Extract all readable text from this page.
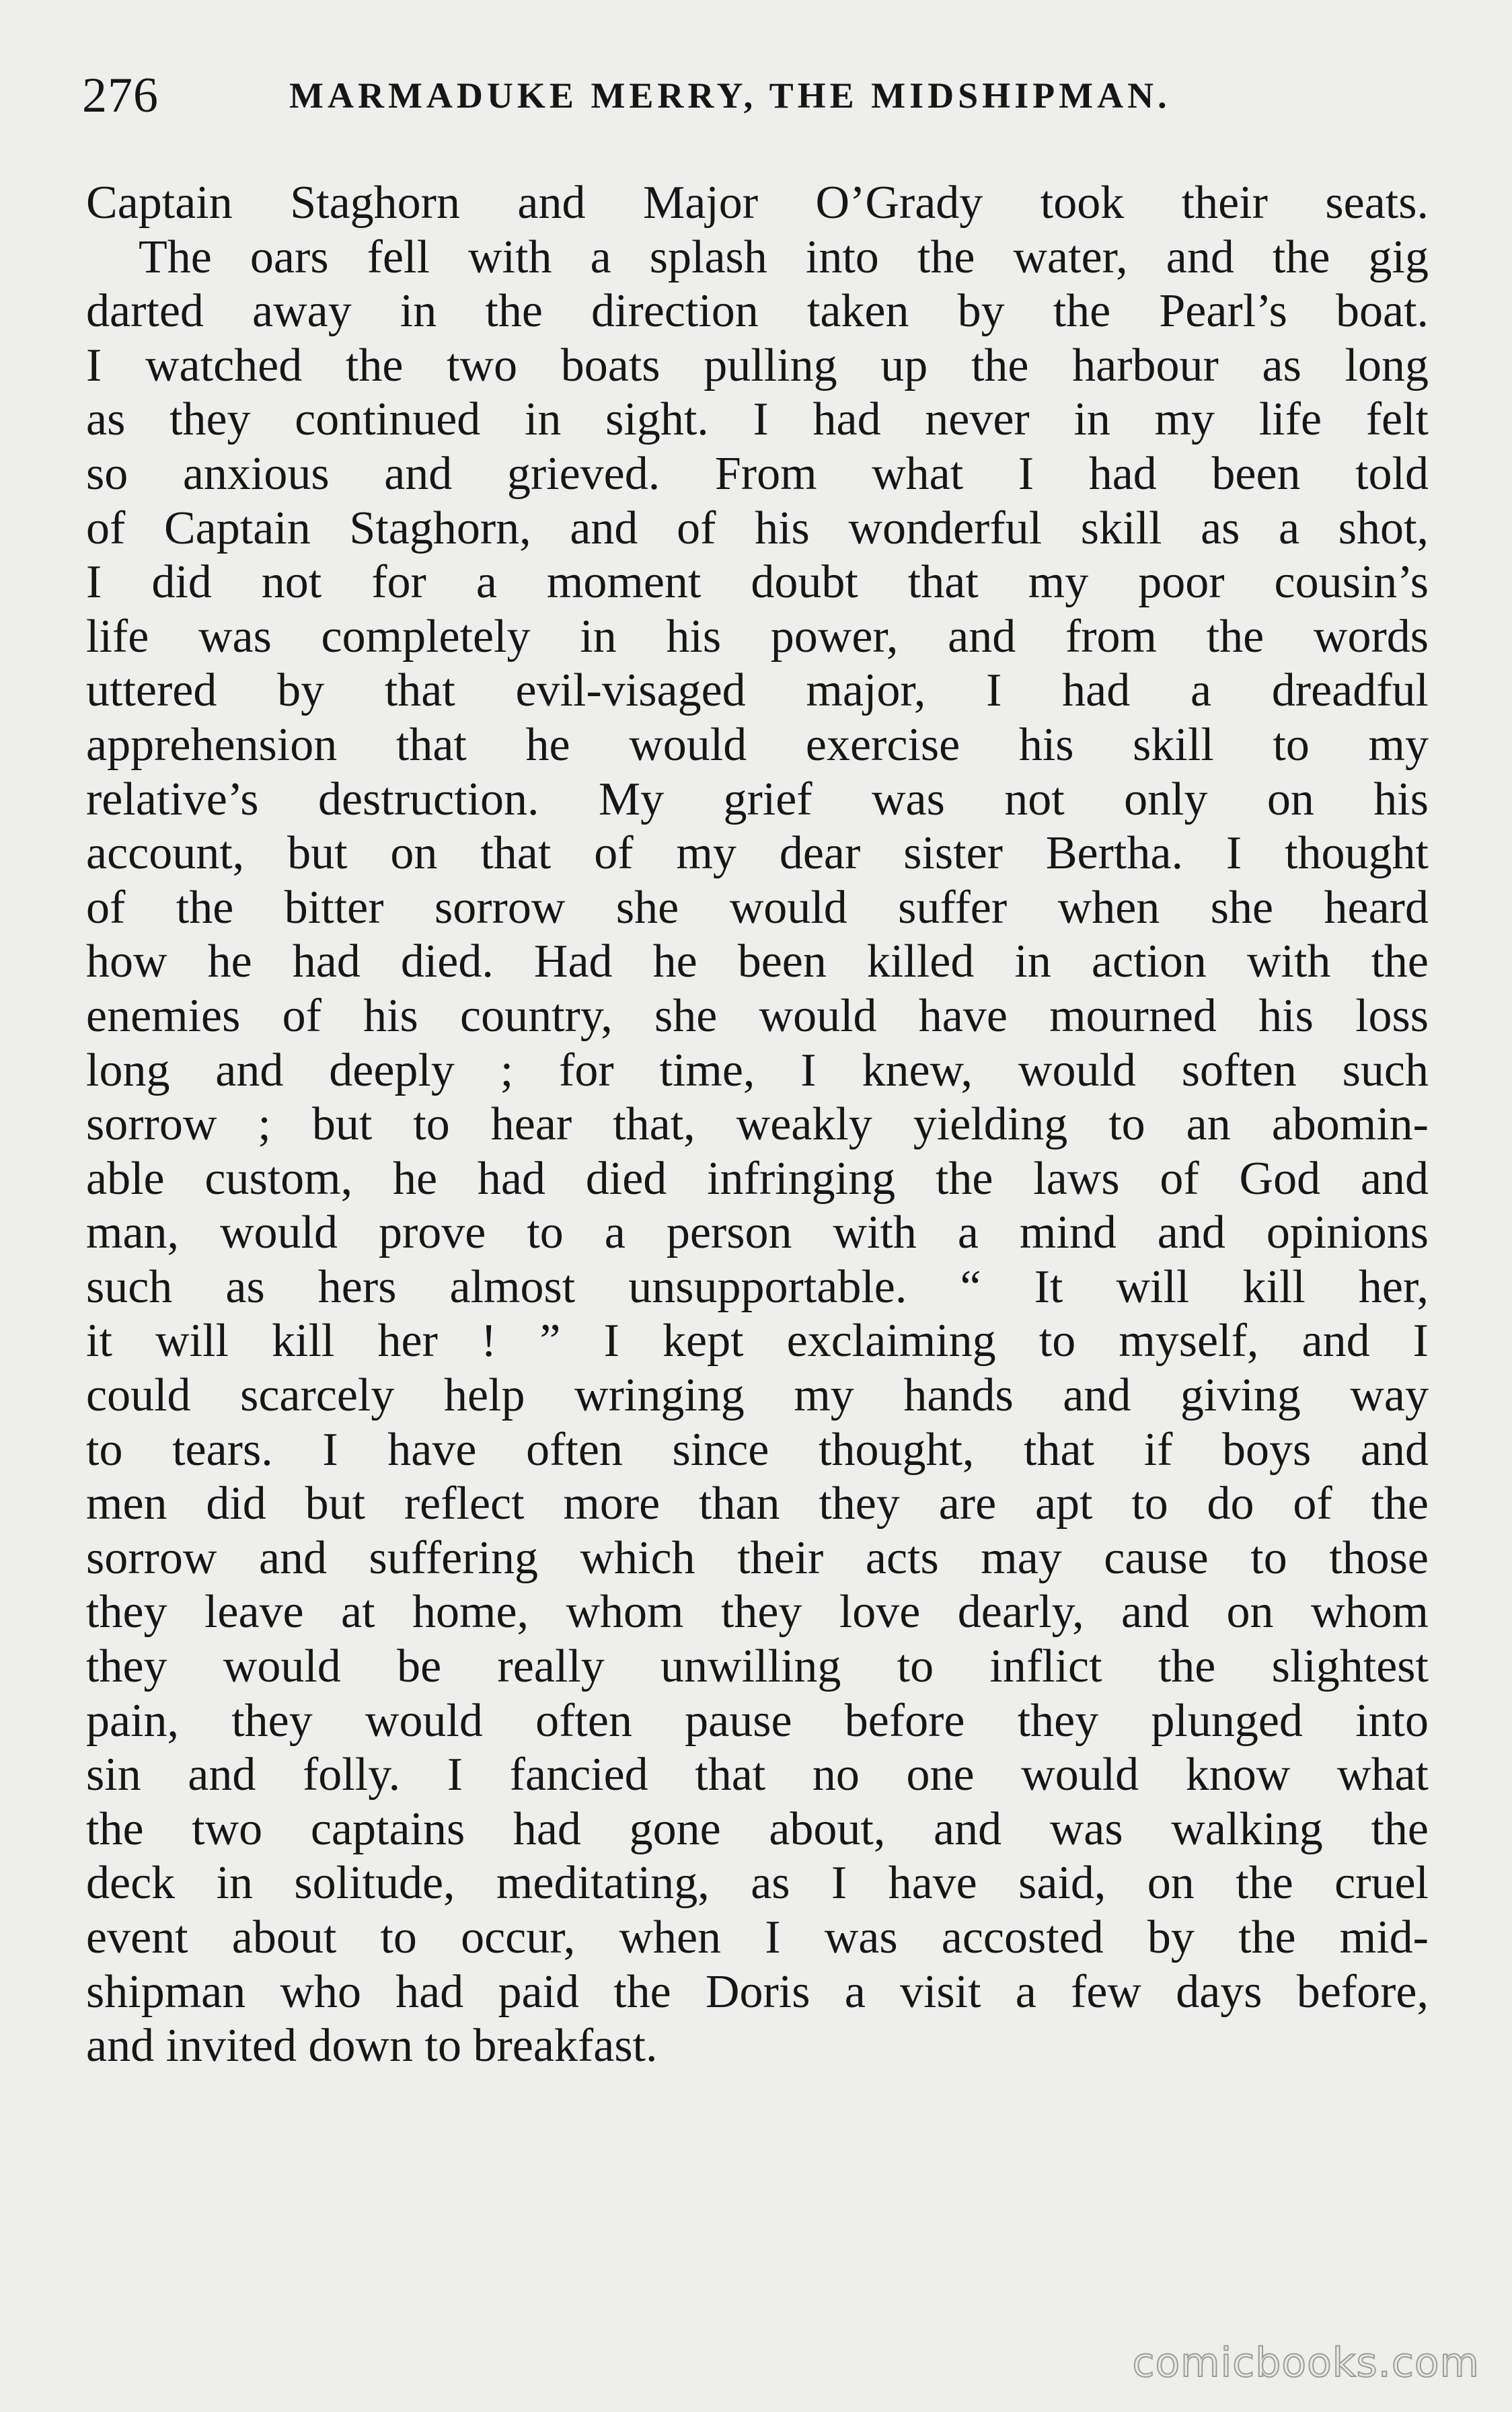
276	MARMADUKE MERRY, THE MIDSHIPMAN.
Captain Staghorn and Major O’Grady took their seats.
The oars fell with a splash into the water, and the gig
darted away in the direction taken by the Pearl’s boat.
I watched the two boats pulling up the harbour as long
as they continued in sight. I had never in my life felt
so anxious and grieved. From what I had been told
of Captain Staghorn, and of his wonderful skill as a shot,
I did not for a moment doubt that my poor cousin’s
life was completely in his power, and from the words
uttered by that evil-visaged major, I had a dreadful
apprehension that he would exercise his skill to my
relative’s destruction. My grief was not only on his
account, but on that of my dear sister Bertha. I thought
of the bitter sorrow she would suffer when she heard
how he had died. Had he been killed in action with the
enemies of his country, she would have mourned his loss
long and deeply ; for time, I knew, would soften such
sorrow ; but to hear that, weakly yielding to an abomin-
able custom, he had died infringing the laws of God and
man, would prove to a person with a mind and opinions
such as hers almost unsupportable. “ It will kill her,
it will kill her ! ” I kept exclaiming to myself, and I
could scarcely help wringing my hands and giving way
to tears. I have often since thought, that if boys and
men did but reflect more than they are apt to do of the
sorrow and suffering which their acts may cause to those
they leave at home, whom they love dearly, and on whom
they would be really unwilling to inflict the slightest
pain, they would often pause before they plunged into
sin and folly. I fancied that no one would know what
the two captains had gone about, and was walking the
deck in solitude, meditating, as I have said, on the cruel
event about to occur, when I was accosted by the mid-
shipman who had paid the Doris a visit a few days before,
and invited down to breakfast.
comicbooks.com
